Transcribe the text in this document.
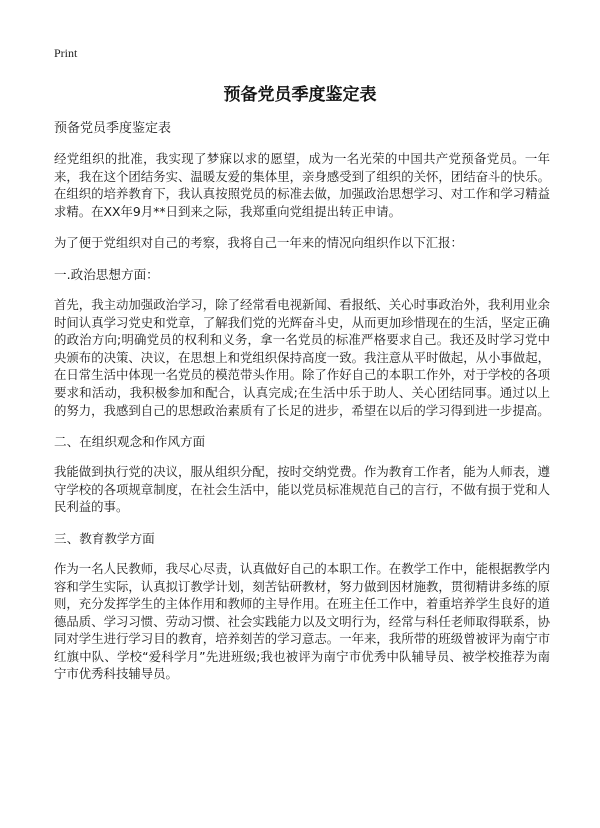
Print
预备党员季度鉴定表

预备党员季度鉴定表

经党组织的批准，我实现了梦寐以求的愿望，成为一名光荣的中国共产党预备党员。一年来，我在这个团结务实、温暖友爱的集体里，亲身感受到了组织的关怀，团结奋斗的快乐。在组织的培养教育下，我认真按照党员的标准去做，加强政治思想学习、对工作和学习精益求精。在XX年9月**日到来之际，我郑重向党组提出转正申请。

为了便于党组织对自己的考察，我将自己一年来的情况向组织作以下汇报：

一.政治思想方面：

首先，我主动加强政治学习，除了经常看电视新闻、看报纸、关心时事政治外，我利用业余时间认真学习党史和党章，了解我们党的光辉奋斗史，从而更加珍惜现在的生活，坚定正确的政治方向;明确党员的权利和义务，拿一名党员的标准严格要求自己。我还及时学习党中央颁布的决策、决议，在思想上和党组织保持高度一致。我注意从平时做起，从小事做起，在日常生活中体现一名党员的模范带头作用。除了作好自己的本职工作外，对于学校的各项要求和活动，我积极参加和配合，认真完成;在生活中乐于助人、关心团结同事。通过以上的努力，我感到自己的思想政治素质有了长足的进步，希望在以后的学习得到进一步提高。

二、在组织观念和作风方面

我能做到执行党的决议，服从组织分配，按时交纳党费。作为教育工作者，能为人师表，遵守学校的各项规章制度，在社会生活中，能以党员标准规范自己的言行，不做有损于党和人民利益的事。

三、教育教学方面

作为一名人民教师，我尽心尽责，认真做好自己的本职工作。在教学工作中，能根据教学内容和学生实际，认真拟订教学计划，刻苦钻研教材，努力做到因材施教，贯彻精讲多练的原则，充分发挥学生的主体作用和教师的主导作用。在班主任工作中，着重培养学生良好的道德品质、学习习惯、劳动习惯、社会实践能力以及文明行为，经常与科任老师取得联系，协同对学生进行学习目的教育，培养刻苦的学习意志。一年来，我所带的班级曾被评为南宁市红旗中队、学校“爱科学月”先进班级;我也被评为南宁市优秀中队辅导员、被学校推荐为南宁市优秀科技辅导员。
